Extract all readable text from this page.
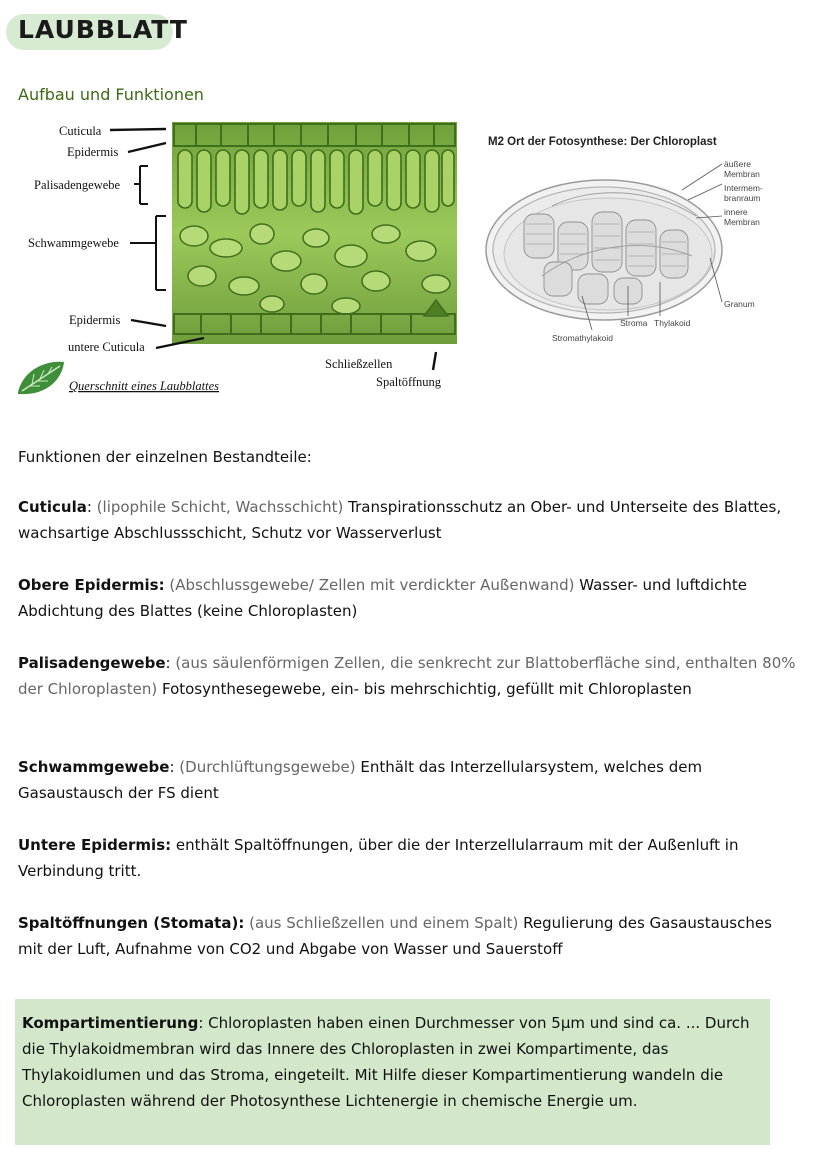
LAUBBLATT
Aufbau und Funktionen
Cuticula
Epidermis
Palisadengewebe
Schwammgewebe
Epidermis
untere Cuticula
Schließzellen
Spaltöffnung
Querschnitt eines Laubblattes
M2 Ort der Fotosynthese: Der Chloroplast
äußere
Membran
Intermem-
branraum
innere
Membran
Granum
Stroma Thylakoid
Stromathylakoid
Funktionen der einzelnen Bestandteile:
Cuticula: (lipophile Schicht, Wachsschicht) Transpirationsschutz an Ober- und Unterseite des Blattes, wachsartige Abschlussschicht, Schutz vor Wasserverlust
Obere Epidermis: (Abschlussgewebe/ Zellen mit verdickter Außenwand) Wasser- und luftdichte Abdichtung des Blattes (keine Chloroplasten)
Palisadengewebe: (aus säulenförmigen Zellen, die senkrecht zur Blattoberfläche sind, enthalten 80% der Chloroplasten) Fotosynthesegewebe, ein- bis mehrschichtig, gefüllt mit Chloroplasten
Schwammgewebe: (Durchlüftungsgewebe) Enthält das Interzellularsystem, welches dem Gasaustausch der FS dient
Untere Epidermis: enthält Spaltöffnungen, über die der Interzellularraum mit der Außenluft in Verbindung tritt.
Spaltöffnungen (Stomata): (aus Schließzellen und einem Spalt) Regulierung des Gasaustausches mit der Luft, Aufnahme von CO2 und Abgabe von Wasser und Sauerstoff
Kompartimentierung: Chloroplasten haben einen Durchmesser von 5µm und sind ca. ... Durch die Thylakoidmembran wird das Innere des Chloroplasten in zwei Kompartimente, das Thylakoidlumen und das Stroma, eingeteilt. Mit Hilfe dieser Kompartimentierung wandeln die Chloroplasten während der Photosynthese Lichtenergie in chemische Energie um.
